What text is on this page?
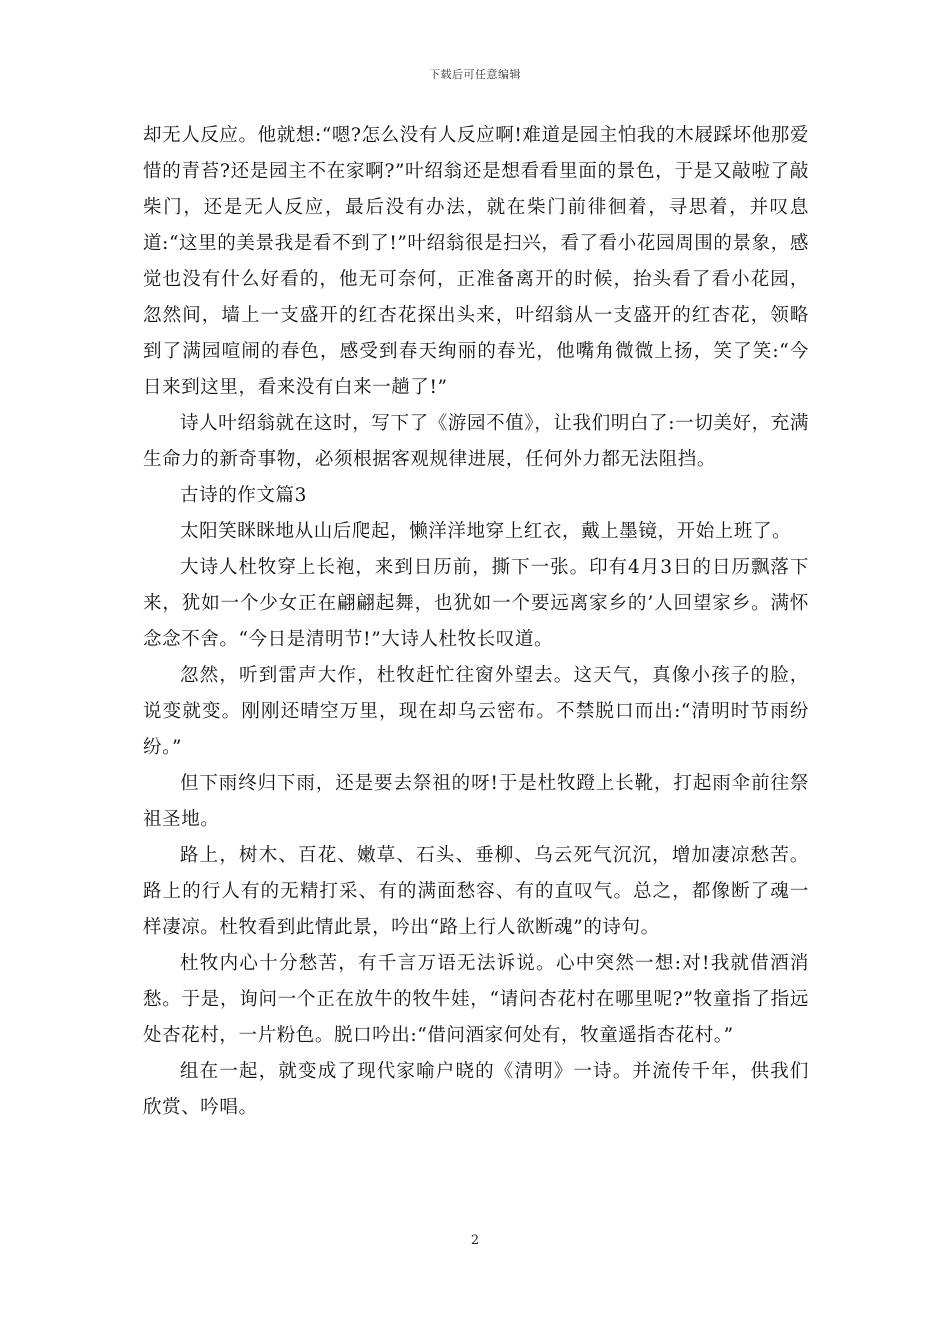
下载后可任意编辑

却无人反应。他就想:“嗯?怎么没有人反应啊!难道是园主怕我的木屐踩坏他那爱惜的青苔?还是园主不在家啊?”叶绍翁还是想看看里面的景色，于是又敲啦了敲柴门，还是无人反应，最后没有办法，就在柴门前徘徊着，寻思着，并叹息道:“这里的美景我是看不到了!”叶绍翁很是扫兴，看了看小花园周围的景象，感觉也没有什么好看的，他无可奈何，正准备离开的时候，抬头看了看小花园，忽然间，墙上一支盛开的红杏花探出头来，叶绍翁从一支盛开的红杏花，领略到了满园喧闹的春色，感受到春天绚丽的春光，他嘴角微微上扬，笑了笑:“今日来到这里，看来没有白来一趟了!”

诗人叶绍翁就在这时，写下了《游园不值》，让我们明白了:一切美好，充满生命力的新奇事物，必须根据客观规律进展，任何外力都无法阻挡。

古诗的作文篇3

太阳笑眯眯地从山后爬起，懒洋洋地穿上红衣，戴上墨镜，开始上班了。

大诗人杜牧穿上长袍，来到日历前，撕下一张。印有4月3日的日历飘落下来，犹如一个少女正在翩翩起舞，也犹如一个要远离家乡的’人回望家乡。满怀念念不舍。“今日是清明节!”大诗人杜牧长叹道。

忽然，听到雷声大作，杜牧赶忙往窗外望去。这天气，真像小孩子的脸，说变就变。刚刚还晴空万里，现在却乌云密布。不禁脱口而出:“清明时节雨纷纷。”

但下雨终归下雨，还是要去祭祖的呀!于是杜牧蹬上长靴，打起雨伞前往祭祖圣地。

路上，树木、百花、嫩草、石头、垂柳、乌云死气沉沉，增加凄凉愁苦。路上的行人有的无精打采、有的满面愁容、有的直叹气。总之，都像断了魂一样凄凉。杜牧看到此情此景，吟出“路上行人欲断魂”的诗句。

杜牧内心十分愁苦，有千言万语无法诉说。心中突然一想:对!我就借酒消愁。于是，询问一个正在放牛的牧牛娃，“请问杏花村在哪里呢?”牧童指了指远处杏花村，一片粉色。脱口吟出:“借问酒家何处有，牧童遥指杏花村。”

组在一起，就变成了现代家喻户晓的《清明》一诗。并流传千年，供我们欣赏、吟唱。

2
